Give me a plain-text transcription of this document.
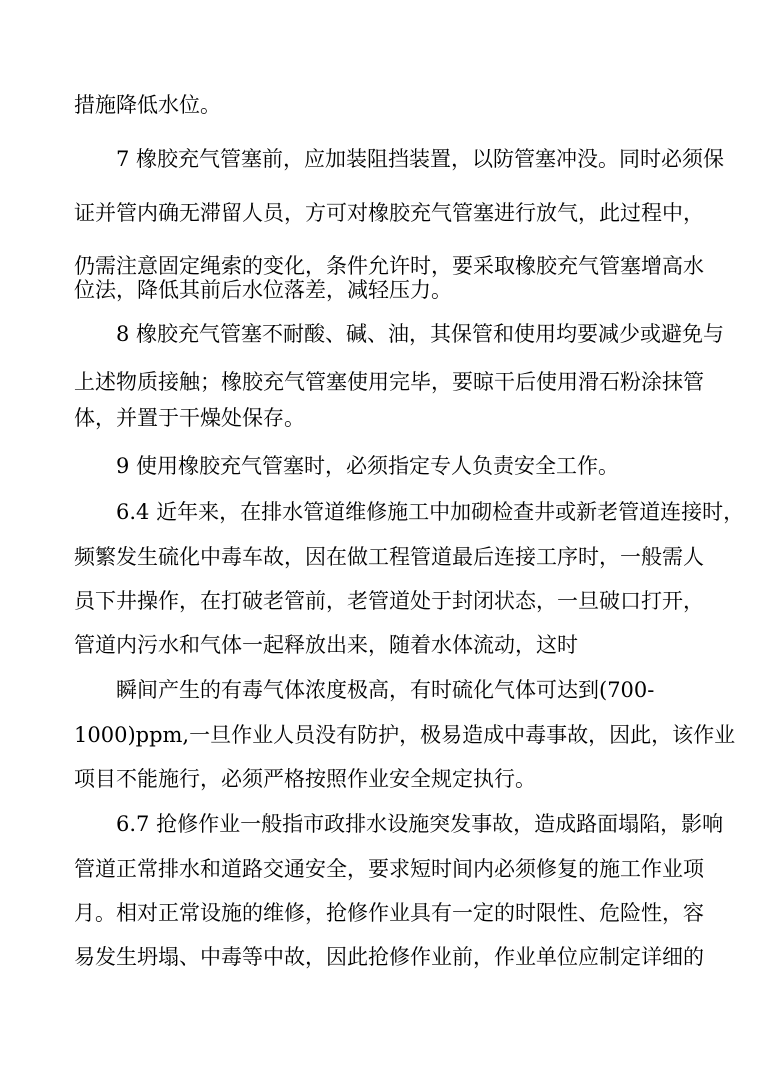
措施降低水位。
7 橡胶充气管塞前，应加装阻挡装置，以防管塞冲没。同时必须保
证并管内确无滞留人员，方可对橡胶充气管塞进行放气，此过程中，
仍需注意固定绳索的变化，条件允许时，要采取橡胶充气管塞增高水
位法，降低其前后水位落差，减轻压力。
8 橡胶充气管塞不耐酸、碱、油，其保管和使用均要减少或避免与
上述物质接触；橡胶充气管塞使用完毕，要晾干后使用滑石粉涂抹管
体，并置于干燥处保存。
9 使用橡胶充气管塞时，必须指定专人负责安全工作。
6.4 近年来，在排水管道维修施工中加砌检查井或新老管道连接时，
频繁发生硫化中毒车故，因在做工程管道最后连接工序时，一般需人
员下井操作，在打破老管前，老管道处于封闭状态，一旦破口打开，
管道内污水和气体一起释放出来，随着水体流动，这时
瞬间产生的有毒气体浓度极高，有时硫化气体可达到(700-
1000)ppm,一旦作业人员没有防护，极易造成中毒事故，因此，该作业
项目不能施行，必须严格按照作业安全规定执行。
6.7 抢修作业一般指市政排水设施突发事故，造成路面塌陷，影响
管道正常排水和道路交通安全，要求短时间内必须修复的施工作业项
月。相对正常设施的维修，抢修作业具有一定的时限性、危险性，容
易发生坍塌、中毒等中故，因此抢修作业前，作业单位应制定详细的
